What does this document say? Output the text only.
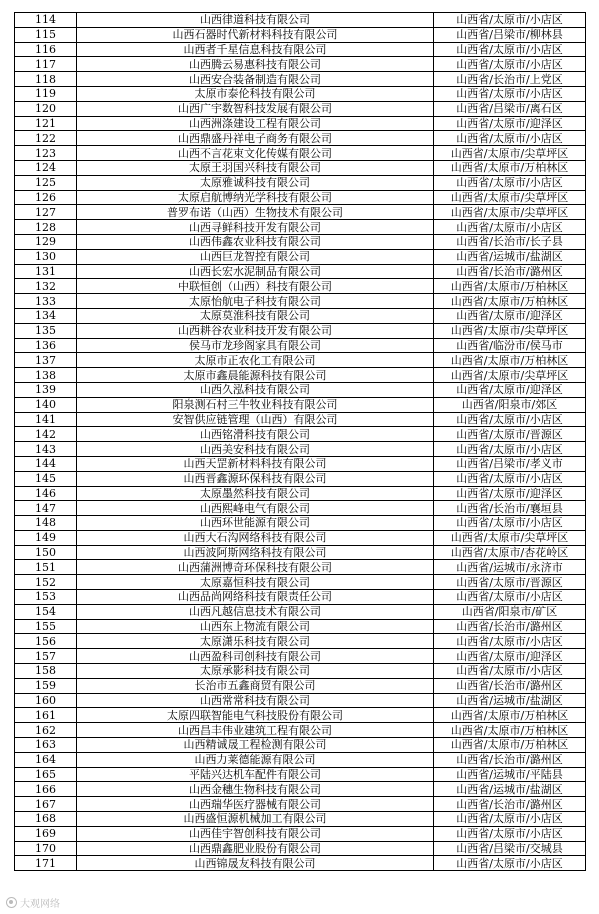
114	山西律道科技有限公司	山西省/太原市/小店区
115	山西石器时代新材料科技有限公司	山西省/吕梁市/柳林县
116	山西者千星信息科技有限公司	山西省/太原市/小店区
117	山西腾云易惠科技有限公司	山西省/太原市/小店区
118	山西安合装备制造有限公司	山西省/长治市/上党区
119	太原市泰伦科技有限公司	山西省/太原市/小店区
120	山西广宇数智科技发展有限公司	山西省/吕梁市/离石区
121	山西洲涤建设工程有限公司	山西省/太原市/迎泽区
122	山西鼎盛丹祥电子商务有限公司	山西省/太原市/小店区
123	山西不言花束文化传媒有限公司	山西省/太原市/尖草坪区
124	太原王羽国兴科技有限公司	山西省/太原市/万柏林区
125	太原雅诚科技有限公司	山西省/太原市/小店区
126	太原启航博纳光学科技有限公司	山西省/太原市/尖草坪区
127	普罗布诺（山西）生物技术有限公司	山西省/太原市/尖草坪区
128	山西寻鲜科技开发有限公司	山西省/太原市/小店区
129	山西伟鑫农业科技有限公司	山西省/长治市/长子县
130	山西巨龙智控有限公司	山西省/运城市/盐湖区
131	山西长宏水泥制品有限公司	山西省/长治市/潞州区
132	中联恒创（山西）科技有限公司	山西省/太原市/万柏林区
133	太原怡航电子科技有限公司	山西省/太原市/万柏林区
134	太原莫淮科技有限公司	山西省/太原市/迎泽区
135	山西耕谷农业科技开发有限公司	山西省/太原市/尖草坪区
136	侯马市龙珍阁家具有限公司	山西省/临汾市/侯马市
137	太原市正农化工有限公司	山西省/太原市/万柏林区
138	太原市鑫晨能源科技有限公司	山西省/太原市/尖草坪区
139	山西久泓科技有限公司	山西省/太原市/迎泽区
140	阳泉测石村三牛牧业科技有限公司	山西省/阳泉市/郊区
141	安智供应链管理（山西）有限公司	山西省/太原市/小店区
142	山西铭滑科技有限公司	山西省/太原市/晋源区
143	山西美安科技有限公司	山西省/太原市/小店区
144	山西天罡新材料科技有限公司	山西省/吕梁市/孝义市
145	山西晋鑫源环保科技有限公司	山西省/太原市/小店区
146	太原墨然科技有限公司	山西省/太原市/迎泽区
147	山西熙峰电气有限公司	山西省/长治市/襄垣县
148	山西环世能源有限公司	山西省/太原市/小店区
149	山西大石沟网络科技有限公司	山西省/太原市/尖草坪区
150	山西波阿斯网络科技有限公司	山西省/太原市/杏花岭区
151	山西蒲洲博奇环保科技有限公司	山西省/运城市/永济市
152	太原嘉恒科技有限公司	山西省/太原市/晋源区
153	山西品尚网络科技有限责任公司	山西省/太原市/小店区
154	山西凡越信息技术有限公司	山西省/阳泉市/矿区
155	山西东上物流有限公司	山西省/长治市/潞州区
156	太原潇乐科技有限公司	山西省/太原市/小店区
157	山西盈科司创科技有限公司	山西省/太原市/迎泽区
158	太原承影科技有限公司	山西省/太原市/小店区
159	长治市五鑫商贸有限公司	山西省/长治市/潞州区
160	山西常常科技有限公司	山西省/运城市/盐湖区
161	太原四联智能电气科技股份有限公司	山西省/太原市/万柏林区
162	山西昌丰伟业建筑工程有限公司	山西省/太原市/万柏林区
163	山西精诚晟工程检测有限公司	山西省/太原市/万柏林区
164	山西力莱德能源有限公司	山西省/长治市/潞州区
165	平陆兴达机车配件有限公司	山西省/运城市/平陆县
166	山西金穗生物科技有限公司	山西省/运城市/盐湖区
167	山西瑞华医疗器械有限公司	山西省/长治市/潞州区
168	山西盛恒源机械加工有限公司	山西省/太原市/小店区
169	山西佳宇智创科技有限公司	山西省/太原市/小店区
170	山西鼎鑫肥业股份有限公司	山西省/吕梁市/交城县
171	山西锦晟友科技有限公司	山西省/太原市/小店区
大观网络
